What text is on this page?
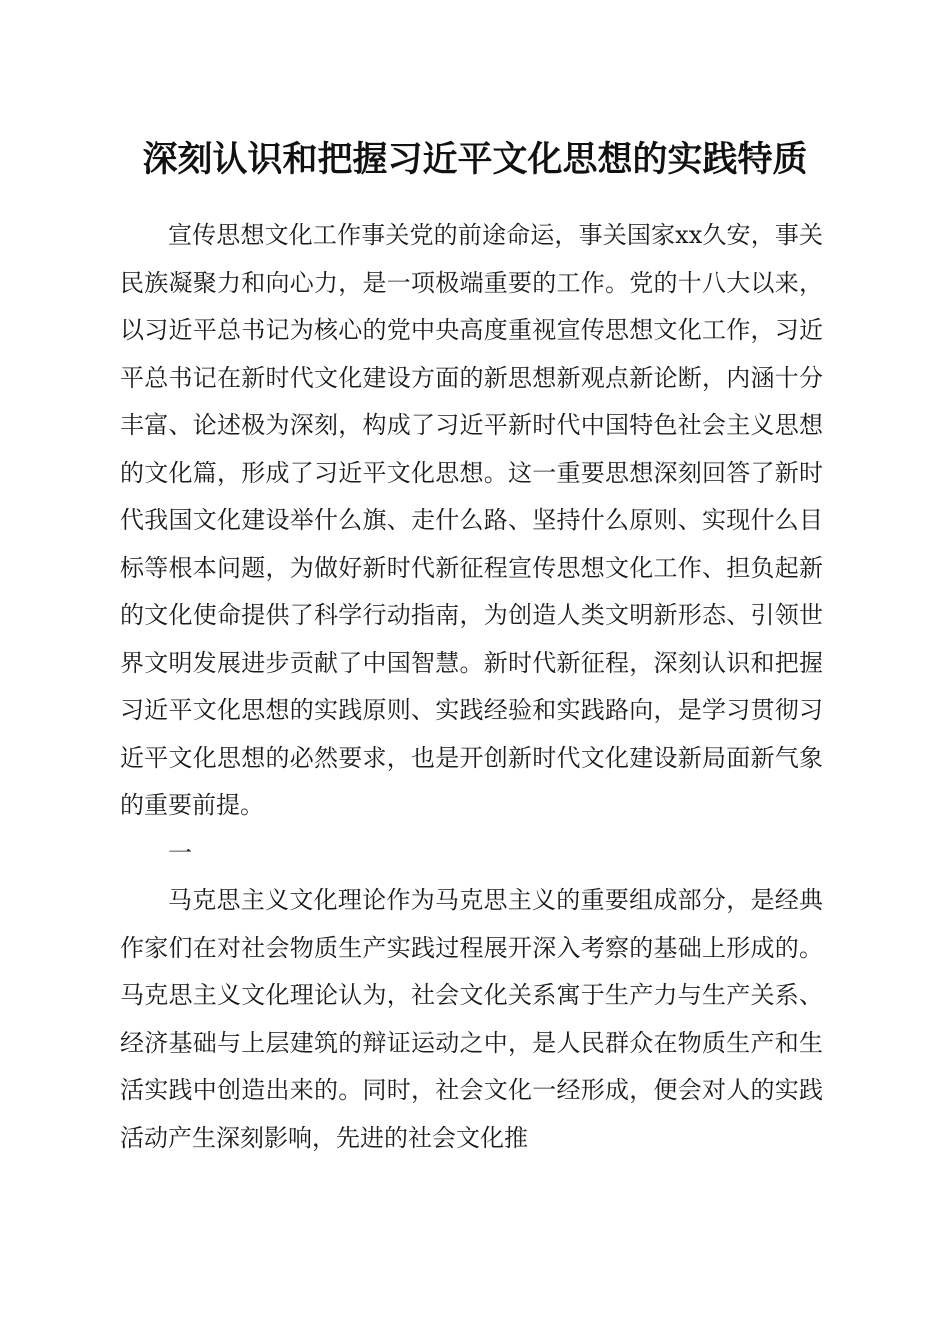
深刻认识和把握习近平文化思想的实践特质

宣传思想文化工作事关党的前途命运，事关国家xx久安，事关民族凝聚力和向心力，是一项极端重要的工作。党的十八大以来，以习近平总书记为核心的党中央高度重视宣传思想文化工作，习近平总书记在新时代文化建设方面的新思想新观点新论断，内涵十分丰富、论述极为深刻，构成了习近平新时代中国特色社会主义思想的文化篇，形成了习近平文化思想。这一重要思想深刻回答了新时代我国文化建设举什么旗、走什么路、坚持什么原则、实现什么目标等根本问题，为做好新时代新征程宣传思想文化工作、担负起新的文化使命提供了科学行动指南，为创造人类文明新形态、引领世界文明发展进步贡献了中国智慧。新时代新征程，深刻认识和把握习近平文化思想的实践原则、实践经验和实践路向，是学习贯彻习近平文化思想的必然要求，也是开创新时代文化建设新局面新气象的重要前提。

一

马克思主义文化理论作为马克思主义的重要组成部分，是经典作家们在对社会物质生产实践过程展开深入考察的基础上形成的。马克思主义文化理论认为，社会文化关系寓于生产力与生产关系、经济基础与上层建筑的辩证运动之中，是人民群众在物质生产和生活实践中创造出来的。同时，社会文化一经形成，便会对人的实践活动产生深刻影响，先进的社会文化推
